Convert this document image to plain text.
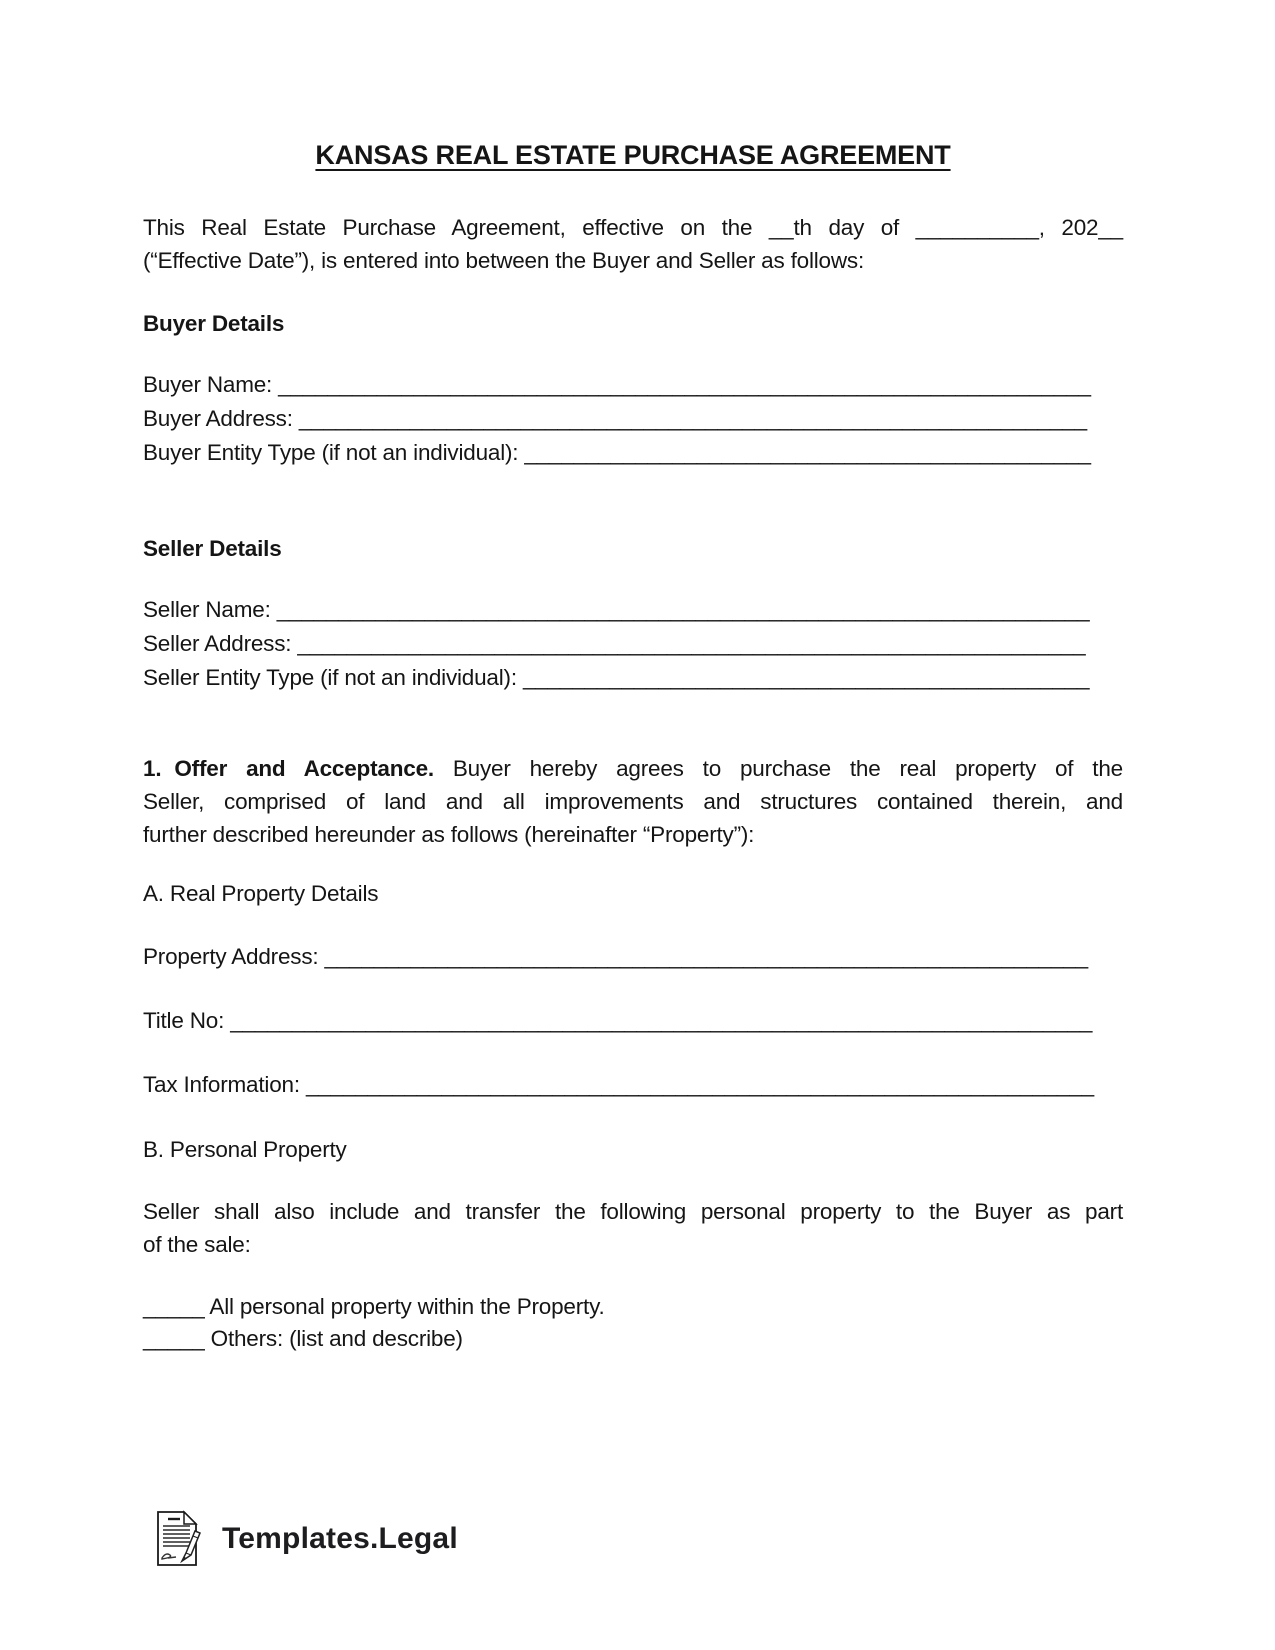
KANSAS REAL ESTATE PURCHASE AGREEMENT
This Real Estate Purchase Agreement, effective on the __th day of __________, 202__
(“Effective Date”), is entered into between the Buyer and Seller as follows:
Buyer Details

Buyer Name: __________________________________________________________________

Buyer Address: ________________________________________________________________

Buyer Entity Type (if not an individual): ______________________________________________

Seller Details

Seller Name: __________________________________________________________________

Seller Address: ________________________________________________________________

Seller Entity Type (if not an individual): ______________________________________________

1. Offer and Acceptance. Buyer hereby agrees to purchase the real property of the
Seller, comprised of land and all improvements and structures contained therein, and
further described hereunder as follows (hereinafter “Property”):

A. Real Property Details

Property Address: ______________________________________________________________

Title No: ______________________________________________________________________

Tax Information: ________________________________________________________________

B. Personal Property

Seller shall also include and transfer the following personal property to the Buyer as part
of the sale:

_____ All personal property within the Property.

_____ Others: (list and describe)

Templates.Legal
